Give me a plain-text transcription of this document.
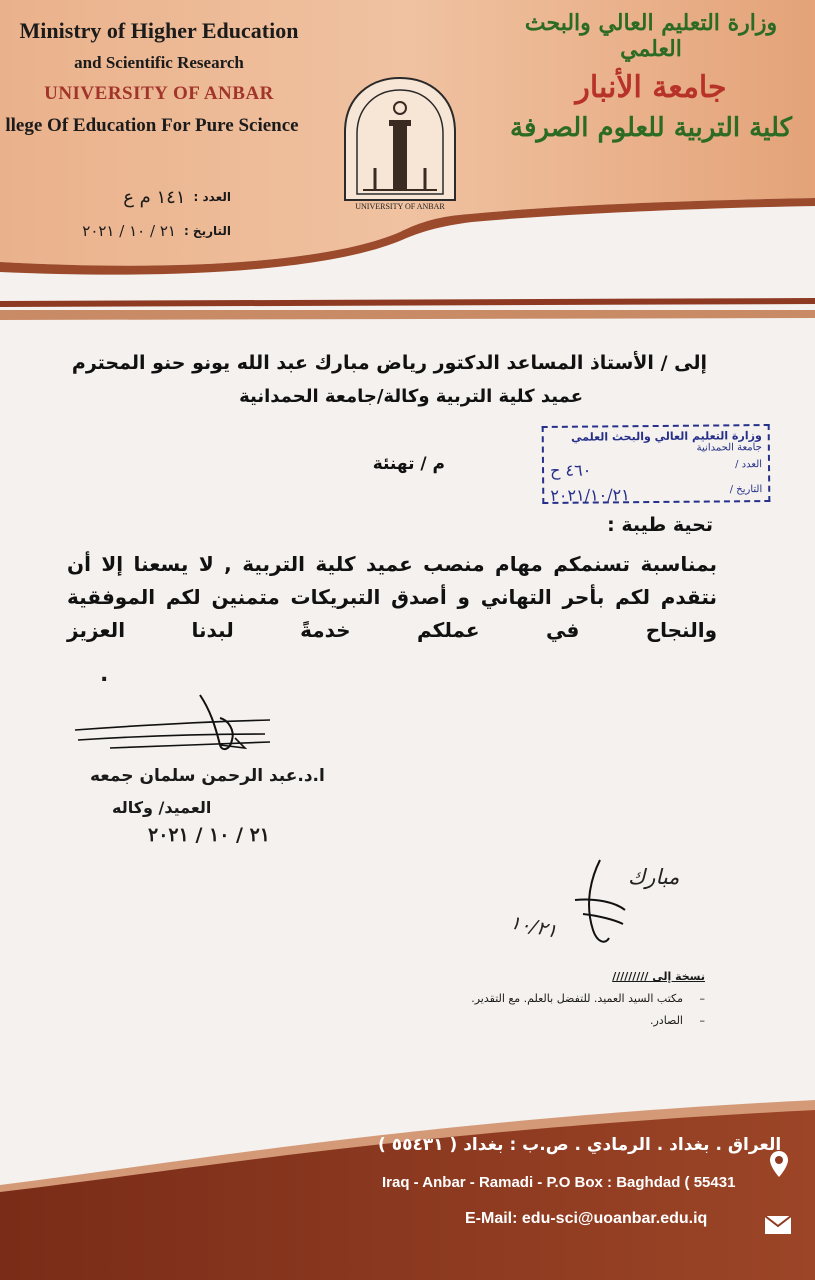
Ministry of Higher Education
and Scientific Research
UNIVERSITY OF ANBAR
llege Of Education For Pure Science
وزارة التعليم العالي والبحث العلمي
جامعة الأنبار
كلية التربية للعلوم الصرفة
UNIVERSITY OF ANBAR
العدد :
١٤١ م ع
التاريخ :
٢١ / ١٠ / ٢٠٢١
إلى / الأستاذ المساعد الدكتور رياض مبارك عبد الله يونو حنو المحترم
عميد كلية التربية وكالة/جامعة الحمدانية
وزارة التعليم العالي والبحث العلمي
جامعة الحمدانية
العدد /
٤٦٠ ح
التاريخ /
٢٠٢١/١٠/٢١
م / تهنئة
تحية طيبة :
بمناسبة تسنمكم مهام منصب عميد كلية التربية , لا يسعنا إلا أن نتقدم لكم بأحر التهاني و أصدق التبريكات متمنين لكم الموفقية والنجاح في عملكم خدمةً لبدنا العزيز
.
ا.د.عبد الرحمن سلمان جمعه
العميد/ وكاله
٢١ / ١٠ / ٢٠٢١
مبارك
١٠/٢١
نسخة إلى /////////
–مكتب السيد العميد. للتفضل بالعلم. مع التقدير.
–الصادر.
العراق . بغداد . الرمادي . ص.ب : بغداد ( ٥٥٤٣١ )
Iraq - Anbar - Ramadi - P.O Box : Baghdad ( 55431
E-Mail: edu-sci@uoanbar.edu.iq
